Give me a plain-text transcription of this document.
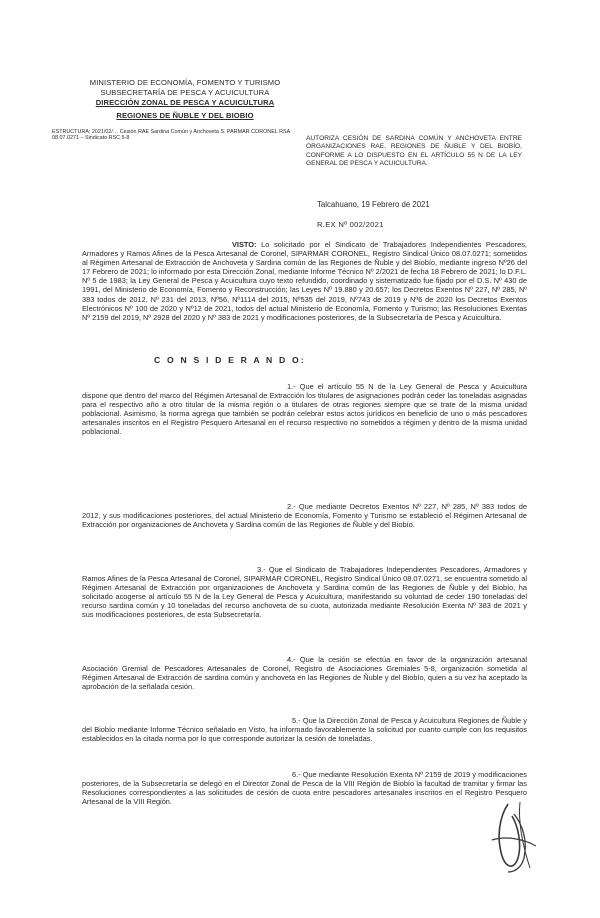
MINISTERIO DE ECONOMÍA, FOMENTO Y TURISMO
SUBSECRETARÍA DE PESCA Y ACUICULTURA
DIRECCIÓN ZONAL DE PESCA Y ACUICULTURA
REGIONES DE ÑUBLE Y DEL BIOBIO
ESTRUCTURA: 2021/02/… Cesión RAE Sardina Común y Anchoveta S. PARMAR CORONEL RSA 08.07.0271 – Sindicato RSC 5-8	AUTORIZA CESIÓN DE SARDINA COMÚN Y ANCHOVETA ENTRE ORGANIZACIONES RAE, REGIONES DE ÑUBLE Y DEL BIOBÍO, CONFORME A LO DISPUESTO EN EL ARTÍCULO 55 N DE LA LEY GENERAL DE PESCA Y ACUICULTURA.
Talcahuano, 19 Febrero de 2021
R.EX Nº 002/2021
VISTO: Lo solicitado por el Sindicato de Trabajadores Independientes Pescadores, Armadores y Ramos Afines de la Pesca Artesanal de Coronel, SIPARMAR CORONEL, Registro Sindical Único 08.07.0271; sometidos al Régimen Artesanal de Extracción de Anchoveta y Sardina común de las Regiones de Ñuble y del Biobío, mediante ingreso Nº26 del 17 Febrero de 2021; lo informado por esta Dirección Zonal, mediante Informe Técnico Nº 2/2021 de fecha 18 Febrero de 2021; lo D.F.L. Nº 5 de 1983; la Ley General de Pesca y Acuicultura cuyo texto refundido, coordinado y sistematizado fue fijado por el D.S. Nº 430 de 1991, del Ministerio de Economía, Fomento y Reconstrucción; las Leyes Nº 19.880 y 20.657; los Decretos Exentos Nº 227, Nº 285, Nº 383 todos de 2012, Nº 231 del 2013, Nº56, Nº1114 del 2015, Nº535 del 2019, Nº743 de 2019 y Nº6 de 2020 los Decretos Exentos Electrónicos Nº 100 de 2020 y Nº12 de 2021, todos del actual Ministerio de Economía, Fomento y Turismo; las Resoluciones Exentas Nº 2159 del 2019, Nº 2928 del 2020 y Nº 383 de 2021 y modificaciones posteriores, de la Subsecretaría de Pesca y Acuicultura.
C O N S I D E R A N D O:
1.- Que el artículo 55 N de la Ley General de Pesca y Acuicultura dispone que dentro del marco del Régimen Artesanal de Extracción los titulares de asignaciones podrán ceder las toneladas asignadas para el respectivo año a otro titular de la misma región o a titulares de otras regiones siempre que se trate de la misma unidad poblacional. Asimismo, la norma agrega que también se podrán celebrar estos actos jurídicos en beneficio de uno o más pescadores artesanales inscritos en el Registro Pesquero Artesanal en el recurso respectivo no sometidos a régimen y dentro de la misma unidad poblacional.
2.- Que mediante Decretos Exentos Nº 227, Nº 285, Nº 383 todos de 2012, y sus modificaciones posteriores, del actual Ministerio de Economía, Fomento y Turismo se estableció el Régimen Artesanal de Extracción por organizaciones de Anchoveta y Sardina común de las Regiones de Ñuble y del Biobío.
3.- Que el Sindicato de Trabajadores Independientes Pescadores, Armadores y Ramos Afines de la Pesca Artesanal de Coronel, SIPARMAR CORONEL, Registro Sindical Único 08.07.0271, se encuentra sometido al Régimen Artesanal de Extracción por organizaciones de Anchoveta y Sardina común de las Regiones de Ñuble y del Biobío, ha solicitado acogerse al artículo 55 N de la Ley General de Pesca y Acuicultura, manifestando su voluntad de ceder 190 toneladas del recurso sardina común y 10 toneladas del recurso anchoveta de su cuota, autorizada mediante Resolución Exenta Nº 383 de 2021 y sus modificaciones posteriores, de esta Subsecretaría.
4.- Que la cesión se efectúa en favor de la organización artesanal Asociación Gremial de Pescadores Artesanales de Coronel, Registro de Asociaciones Gremiales 5-8, organización sometida al Régimen Artesanal de Extracción de sardina común y anchoveta en las Regiones de Ñuble y del Biobío, quien a su vez ha aceptado la aprobación de la señalada cesión.
5.- Que la Dirección Zonal de Pesca y Acuicultura Regiones de Ñuble y del Biobío mediante Informe Técnico señalado en Visto, ha informado favorablemente la solicitud por cuanto cumple con los requisitos establecidos en la citada norma por lo que corresponde autorizar la cesión de toneladas.
6.- Que mediante Resolución Exenta Nº 2159 de 2019 y modificaciones posteriores, de la Subsecretaría se delegó en el Director Zonal de Pesca de la VIII Región de Biobío la facultad de tramitar y firmar las Resoluciones correspondientes a las solicitudes de cesión de cuota entre pescadores artesanales inscritos en el Registro Pesquero Artesanal de la VIII Región.
